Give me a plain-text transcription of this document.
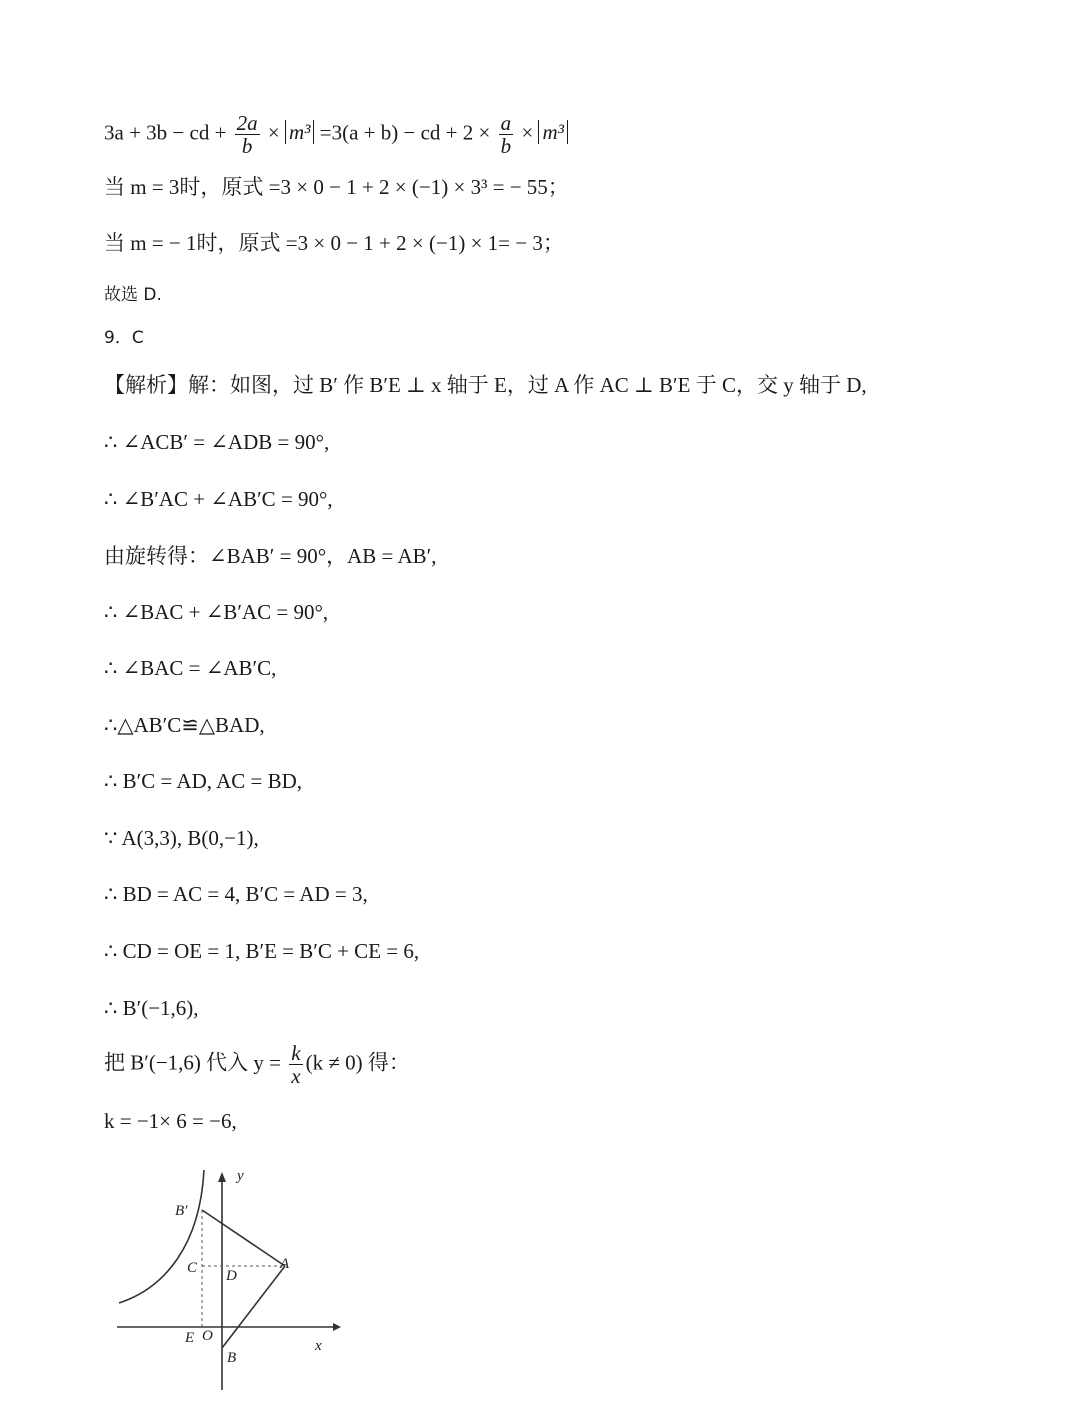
3a + 3b − cd + $\frac{2a}{b} \times m^3 =3(a + b)$ − cd + $2 \times \frac{a}{b} \times m^3$
当 m = 3时，原式 =3 × 0 − 1 + 2 × (−1) × 3³ = − 55；
当 m = − 1时，原式 =3 × 0 − 1 + 2 × (−1) × 1= − 3；
故选 D.
9．C
【解析】解：如图，过 B′ 作 B′E ⊥ x 轴于 E，过 A 作 AC ⊥ B′E 于 C，交 y 轴于 D,
∴ ∠ACB′ = ∠ADB = 90°,
∴ ∠B′AC + ∠AB′C = 90°,
由旋转得：∠BAB′ = 90°，AB = AB′,
∴ ∠BAC + ∠B′AC = 90°,
∴ ∠BAC = ∠AB′C,
∴△AB′C≌△BAD,
∴ B′C = AD, AC = BD,
∵ A(3,3), B(0,−1),
∴ BD = AC = 4, B′C = AD = 3,
∴ CD = OE = 1, B′E = B′C + CE = 6,
∴ B′(−1,6),
把 B′(−1,6) 代入 $y = \frac{k}{x} (k \ne 0)$ 得：
k = −1× 6 = −6,
y
x
B′
A
C D
E O
B
